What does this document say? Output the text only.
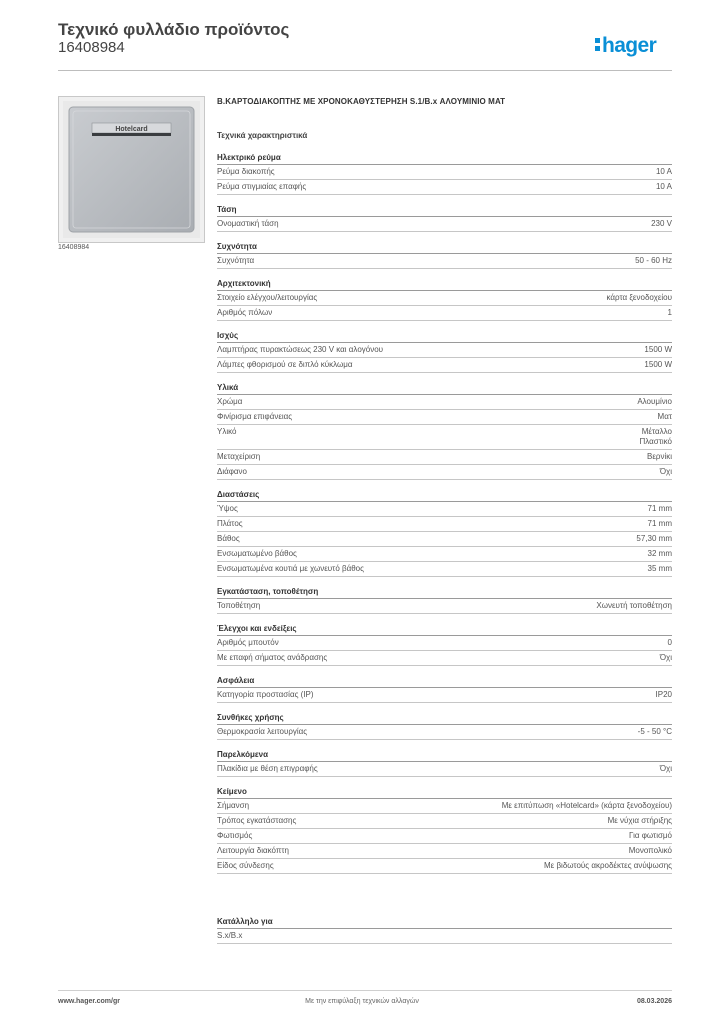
Τεχνικό φυλλάδιο προϊόντος
16408984	hager
Hotelcard
16408984
Β.ΚΑΡΤΟΔΙΑΚΟΠΤΗΣ ΜΕ ΧΡΟΝΟΚΑΘΥΣΤΕΡΗΣΗ S.1/B.x ΑΛΟΥΜΙΝΙΟ ΜΑΤ
Τεχνικά χαρακτηριστικά
Ηλεκτρικό ρεύμα
Ρεύμα διακοπής	10 A
Ρεύμα στιγμιαίας επαφής	10 A
Τάση
Ονομαστική τάση	230 V
Συχνότητα
Συχνότητα	50 - 60 Hz
Αρχιτεκτονική
Στοιχείο ελέγχου/λειτουργίας	κάρτα ξενοδοχείου
Αριθμός πόλων	1
Ισχύς
Λαμπτήρας πυρακτώσεως 230 V και αλογόνου	1500 W
Λάμπες φθορισμού σε διπλό κύκλωμα	1500 W
Υλικά
Χρώμα	Αλουμίνιο
Φινίρισμα επιφάνειας	Ματ
Υλικό	Μέταλλο
Πλαστικό
Μεταχείριση	Βερνίκι
Διάφανο	Όχι
Διαστάσεις
Ύψος	71 mm
Πλάτος	71 mm
Βάθος	57,30 mm
Ενσωματωμένο βάθος	32 mm
Ενσωματωμένα κουτιά με χωνευτό βάθος	35 mm
Εγκατάσταση, τοποθέτηση
Τοποθέτηση	Χωνευτή τοποθέτηση
Έλεγχοι και ενδείξεις
Αριθμός μπουτόν	0
Με επαφή σήματος ανάδρασης	Όχι
Ασφάλεια
Κατηγορία προστασίας (IP)	IP20
Συνθήκες χρήσης
Θερμοκρασία λειτουργίας	-5 - 50 °C
Παρελκόμενα
Πλακίδια με θέση επιγραφής	Όχι
Κείμενο
Σήμανση	Με επιτύπωση «Hotelcard» (κάρτα ξενοδοχείου)
Τρόπος εγκατάστασης	Με νύχια στήριξης
Φωτισμός	Για φωτισμό
Λειτουργία διακόπτη	Μονοπολικό
Είδος σύνδεσης	Με βιδωτούς ακροδέκτες ανύψωσης
Κατάλληλο για
S.x/B.x
www.hager.com/gr	Με την επιφύλαξη τεχνικών αλλαγών	08.03.2026
